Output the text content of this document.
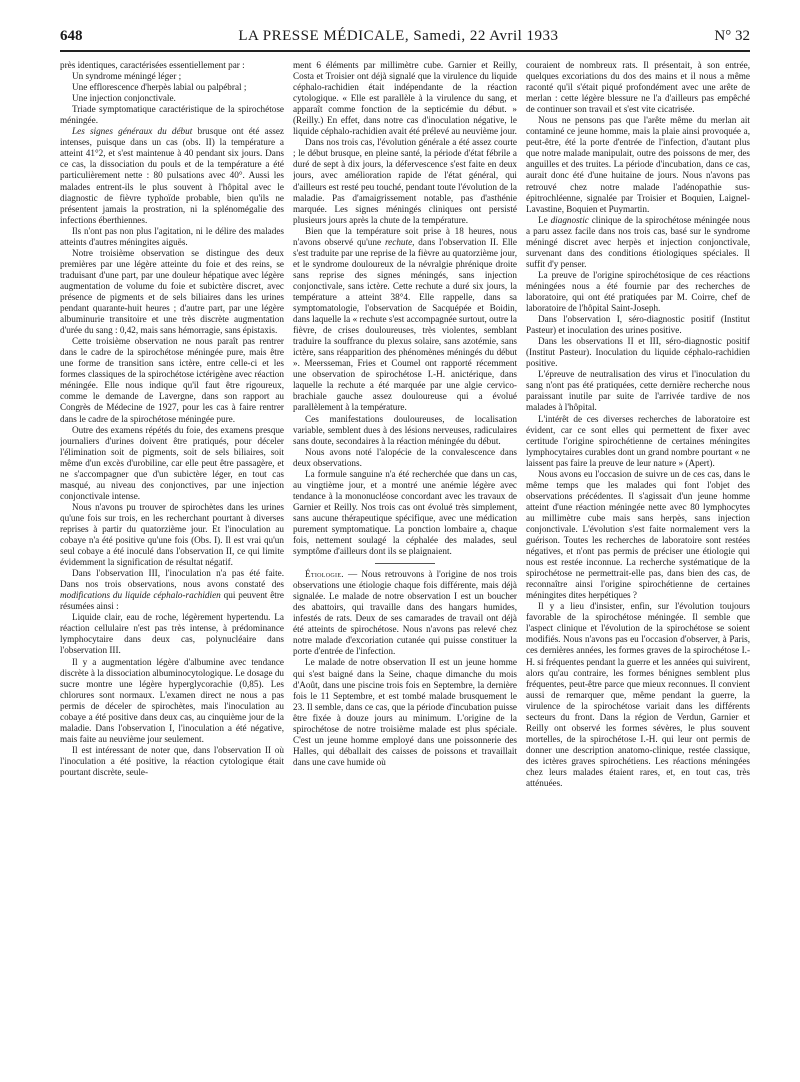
648	LA PRESSE MÉDICALE, Samedi, 22 Avril 1933	N° 32

près identiques, caractérisées essentiellement par :

Un syndrome méningé léger ;

Une efflorescence d'herpès labial ou palpébral ;

Une injection conjonctivale.

Triade symptomatique caractéristique de la spirochétose méningée.

Les signes généraux du début brusque ont été assez intenses, puisque dans un cas (obs. II) la température a atteint 41°2, et s'est maintenue à 40 pendant six jours. Dans ce cas, la dissociation du pouls et de la température a été particulièrement nette : 80 pulsations avec 40°. Aussi les malades entrent-ils le plus souvent à l'hôpital avec le diagnostic de fièvre typhoïde probable, bien qu'ils ne présentent jamais la prostration, ni la splénomégalie des infections éberthiennes.

Ils n'ont pas non plus l'agitation, ni le délire des malades atteints d'autres méningites aiguës.

Notre troisième observation se distingue des deux premières par une légère atteinte du foie et des reins, se traduisant d'une part, par une douleur hépatique avec légère augmentation de volume du foie et subictère discret, avec présence de pigments et de sels biliaires dans les urines pendant quarante-huit heures ; d'autre part, par une légère albuminurie transitoire et une très discrète augmentation d'urée du sang : 0,42, mais sans hémorragie, sans épistaxis.

Cette troisième observation ne nous paraît pas rentrer dans le cadre de la spirochétose méningée pure, mais être une forme de transition sans ictère, entre celle-ci et les formes classiques de la spirochétose ictérigène avec réaction méningée. Elle nous indique qu'il faut être rigoureux, comme le demande de Lavergne, dans son rapport au Congrès de Médecine de 1927, pour les cas à faire rentrer dans le cadre de la spirochétose méningée pure.

Outre des examens répétés du foie, des examens presque journaliers d'urines doivent être pratiqués, pour déceler l'élimination soit de pigments, soit de sels biliaires, soit même d'un excès d'urobiline, car elle peut être passagère, et ne s'accompagner que d'un subictère léger, en tout cas masqué, au niveau des conjonctives, par une injection conjonctivale intense.

Nous n'avons pu trouver de spirochètes dans les urines qu'une fois sur trois, en les recherchant pourtant à diverses reprises à partir du quatorzième jour. Et l'inoculation au cobaye n'a été positive qu'une fois (Obs. I). Il est vrai qu'un seul cobaye a été inoculé dans l'observation II, ce qui limite évidemment la signification de résultat négatif.

Dans l'observation III, l'inoculation n'a pas été faite. Dans nos trois observations, nous avons constaté des modifications du liquide céphalo-rachidien qui peuvent être résumées ainsi :

Liquide clair, eau de roche, légèrement hypertendu. La réaction cellulaire n'est pas très intense, à prédominance lymphocytaire dans deux cas, polynucléaire dans l'observation III.

Il y a augmentation légère d'albumine avec tendance discrète à la dissociation albuminocytologique. Le dosage du sucre montre une légère hyperglycorachie (0,85). Les chlorures sont normaux. L'examen direct ne nous a pas permis de déceler de spirochètes, mais l'inoculation au cobaye a été positive dans deux cas, au cinquième jour de la maladie. Dans l'observation I, l'inoculation a été négative, mais faite au neuvième jour seulement.

Il est intéressant de noter que, dans l'observation II où l'inoculation a été positive, la réaction cytologique était pourtant discrète, seule-

ment 6 éléments par millimètre cube. Garnier et Reilly, Costa et Troisier ont déjà signalé que la virulence du liquide céphalo-rachidien était indépendante de la réaction cytologique. « Elle est parallèle à la virulence du sang, et apparaît comme fonction de la septicémie du début. » (Reilly.) En effet, dans notre cas d'inoculation négative, le liquide céphalo-rachidien avait été prélevé au neuvième jour.

Dans nos trois cas, l'évolution générale a été assez courte ; le début brusque, en pleine santé, la période d'état fébrile a duré de sept à dix jours, la défervescence s'est faite en deux jours, avec amélioration rapide de l'état général, qui d'ailleurs est resté peu touché, pendant toute l'évolution de la maladie. Pas d'amaigrissement notable, pas d'asthénie marquée. Les signes méningés cliniques ont persisté plusieurs jours après la chute de la température.

Bien que la température soit prise à 18 heures, nous n'avons observé qu'une rechute, dans l'observation II. Elle s'est traduite par une reprise de la fièvre au quatorzième jour, et le syndrome douloureux de la névralgie phrénique droite sans reprise des signes méningés, sans injection conjonctivale, sans ictère. Cette rechute a duré six jours, la température a atteint 38°4. Elle rappelle, dans sa symptomatologie, l'observation de Sacquépée et Boidin, dans laquelle la « rechute s'est accompagnée surtout, outre la fièvre, de crises douloureuses, très violentes, semblant traduire la souffrance du plexus solaire, sans azotémie, sans ictère, sans réapparition des phénomènes méningés du début ». Meersseman, Fries et Coumel ont rapporté récemment une observation de spirochétose I.-H. anictérique, dans laquelle la rechute a été marquée par une algie cervico-brachiale gauche assez douloureuse qui a évolué parallèlement à la température.

Ces manifestations douloureuses, de localisation variable, semblent dues à des lésions nerveuses, radiculaires sans doute, secondaires à la réaction méningée du début.

Nous avons noté l'alopécie de la convalescence dans deux observations.

La formule sanguine n'a été recherchée que dans un cas, au vingtième jour, et a montré une anémie légère avec tendance à la mononucléose concordant avec les travaux de Garnier et Reilly. Nos trois cas ont évolué très simplement, sans aucune thérapeutique spécifique, avec une médication purement symptomatique. La ponction lombaire a, chaque fois, nettement soulagé la céphalée des malades, seul symptôme d'ailleurs dont ils se plaignaient.

Étiologie. — Nous retrouvons à l'origine de nos trois observations une étiologie chaque fois différente, mais déjà signalée. Le malade de notre observation I est un boucher des abattoirs, qui travaille dans des hangars humides, infestés de rats. Deux de ses camarades de travail ont déjà été atteints de spirochétose. Nous n'avons pas relevé chez notre malade d'excoriation cutanée qui puisse constituer la porte d'entrée de l'infection.

Le malade de notre observation II est un jeune homme qui s'est baigné dans la Seine, chaque dimanche du mois d'Août, dans une piscine trois fois en Septembre, la dernière fois le 11 Septembre, et est tombé malade brusquement le 23. Il semble, dans ce cas, que la période d'incubation puisse être fixée à douze jours au minimum. L'origine de la spirochétose de notre troisième malade est plus spéciale. C'est un jeune homme employé dans une poissonnerie des Halles, qui déballait des caisses de poissons et travaillait dans une cave humide où

couraient de nombreux rats. Il présentait, à son entrée, quelques excoriations du dos des mains et il nous a même raconté qu'il s'était piqué profondément avec une arête de merlan : cette légère blessure ne l'a d'ailleurs pas empêché de continuer son travail et s'est vite cicatrisée.

Nous ne pensons pas que l'arête même du merlan ait contaminé ce jeune homme, mais la plaie ainsi provoquée a, peut-être, été la porte d'entrée de l'infection, d'autant plus que notre malade manipulait, outre des poissons de mer, des anguilles et des truites. La période d'incubation, dans ce cas, aurait donc été d'une huitaine de jours. Nous n'avons pas retrouvé chez notre malade l'adénopathie sus-épitrochléenne, signalée par Troisier et Boquien, Laignel-Lavastine, Boquien et Puymartin.

Le diagnostic clinique de la spirochétose méningée nous a paru assez facile dans nos trois cas, basé sur le syndrome méningé discret avec herpès et injection conjonctivale, survenant dans des conditions étiologiques spéciales. Il suffit d'y penser.

La preuve de l'origine spirochétosique de ces réactions méningées nous a été fournie par des recherches de laboratoire, qui ont été pratiquées par M. Coirre, chef de laboratoire de l'hôpital Saint-Joseph.

Dans l'observation I, séro-diagnostic positif (Institut Pasteur) et inoculation des urines positive.

Dans les observations II et III, séro-diagnostic positif (Institut Pasteur). Inoculation du liquide céphalo-rachidien positive.

L'épreuve de neutralisation des virus et l'inoculation du sang n'ont pas été pratiquées, cette dernière recherche nous paraissant inutile par suite de l'arrivée tardive de nos malades à l'hôpital.

L'intérêt de ces diverses recherches de laboratoire est évident, car ce sont elles qui permettent de fixer avec certitude l'origine spirochétienne de certaines méningites lymphocytaires curables dont un grand nombre pourtant « ne laissent pas faire la preuve de leur nature » (Apert).

Nous avons eu l'occasion de suivre un de ces cas, dans le même temps que les malades qui font l'objet des observations précédentes. Il s'agissait d'un jeune homme atteint d'une réaction méningée nette avec 80 lymphocytes au millimètre cube mais sans herpès, sans injection conjonctivale. L'évolution s'est faite normalement vers la guérison. Toutes les recherches de laboratoire sont restées négatives, et n'ont pas permis de préciser une étiologie qui nous est restée inconnue. La recherche systématique de la spirochétose ne permettrait-elle pas, dans bien des cas, de reconnaître ainsi l'origine spirochétienne de certaines méningites dites herpétiques ?

Il y a lieu d'insister, enfin, sur l'évolution toujours favorable de la spirochétose méningée. Il semble que l'aspect clinique et l'évolution de la spirochétose se soient modifiés. Nous n'avons pas eu l'occasion d'observer, à Paris, ces dernières années, les formes graves de la spirochétose I.-H. si fréquentes pendant la guerre et les années qui suivirent, alors qu'au contraire, les formes bénignes semblent plus fréquentes, peut-être parce que mieux reconnues. Il convient aussi de remarquer que, même pendant la guerre, la virulence de la spirochétose variait dans les différents secteurs du front. Dans la région de Verdun, Garnier et Reilly ont observé les formes sévères, le plus souvent mortelles, de la spirochétose I.-H. qui leur ont permis de donner une description anatomo-clinique, restée classique, des ictères graves spirochétiens. Les réactions méningées chez leurs malades étaient rares, et, en tout cas, très atténuées.
